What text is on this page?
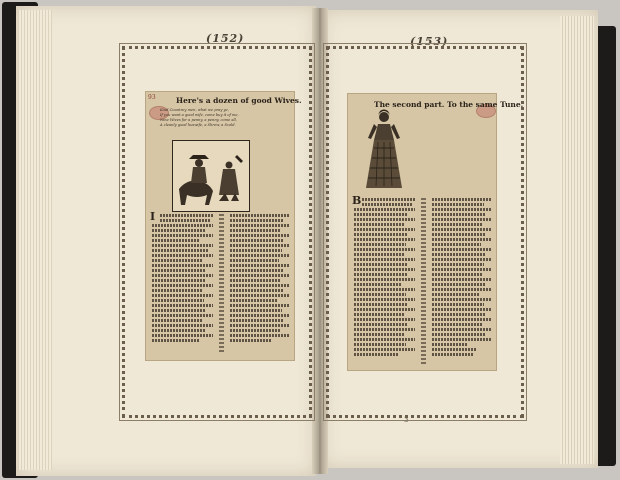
(152)	(153)
3
93	Here's a dozen of good Wives.
Kind Countrey men, what we pray ye,
If you want a good wife, come buy it of me,
Nine Wives for a penny, a penny, come all,
A cleanly good huswife, a Shrew, a Scold.
I
The second part. To the same Tune.
B
